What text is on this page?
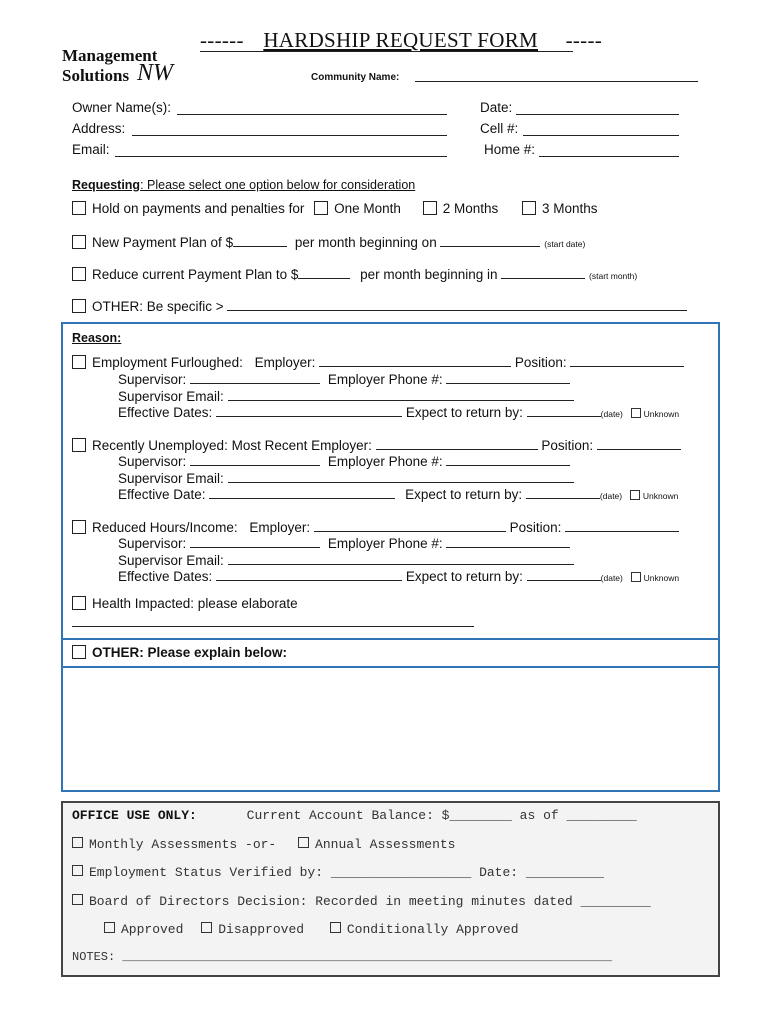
Management
Solutions NW
------ HARDSHIP REQUEST FORM -----
Community Name:
Owner Name(s):
Address:
Email:
Date:
Cell #:
Home #:
Requesting: Please select one option below for consideration
Hold on payments and penalties for One Month	2 Months	3 Months
New Payment Plan of $	per month beginning on	(start date)
Reduce current Payment Plan to $	per month beginning in	(start month)
OTHER: Be specific >
Reason:
Employment Furloughed: Employer:	Position:
Supervisor:	Employer Phone #:
Supervisor Email:
Effective Dates:	Expect to return by:	(date) Unknown
Recently Unemployed: Most Recent Employer:	Position:
Supervisor:	Employer Phone #:
Supervisor Email:
Effective Date:	Expect to return by:	(date) Unknown
Reduced Hours/Income: Employer:	Position:
Supervisor:	Employer Phone #:
Supervisor Email:
Effective Dates:	Expect to return by:	(date) Unknown
Health Impacted: please elaborate
OTHER: Please explain below:
OFFICE USE ONLY:	Current Account Balance: $________ as of _________
Monthly Assessments -or-	Annual Assessments
Employment Status Verified by: __________________ Date: __________
Board of Directors Decision: Recorded in meeting minutes dated _________
Approved	Disapproved	Conditionally Approved
NOTES: ____________________________________________________________________
